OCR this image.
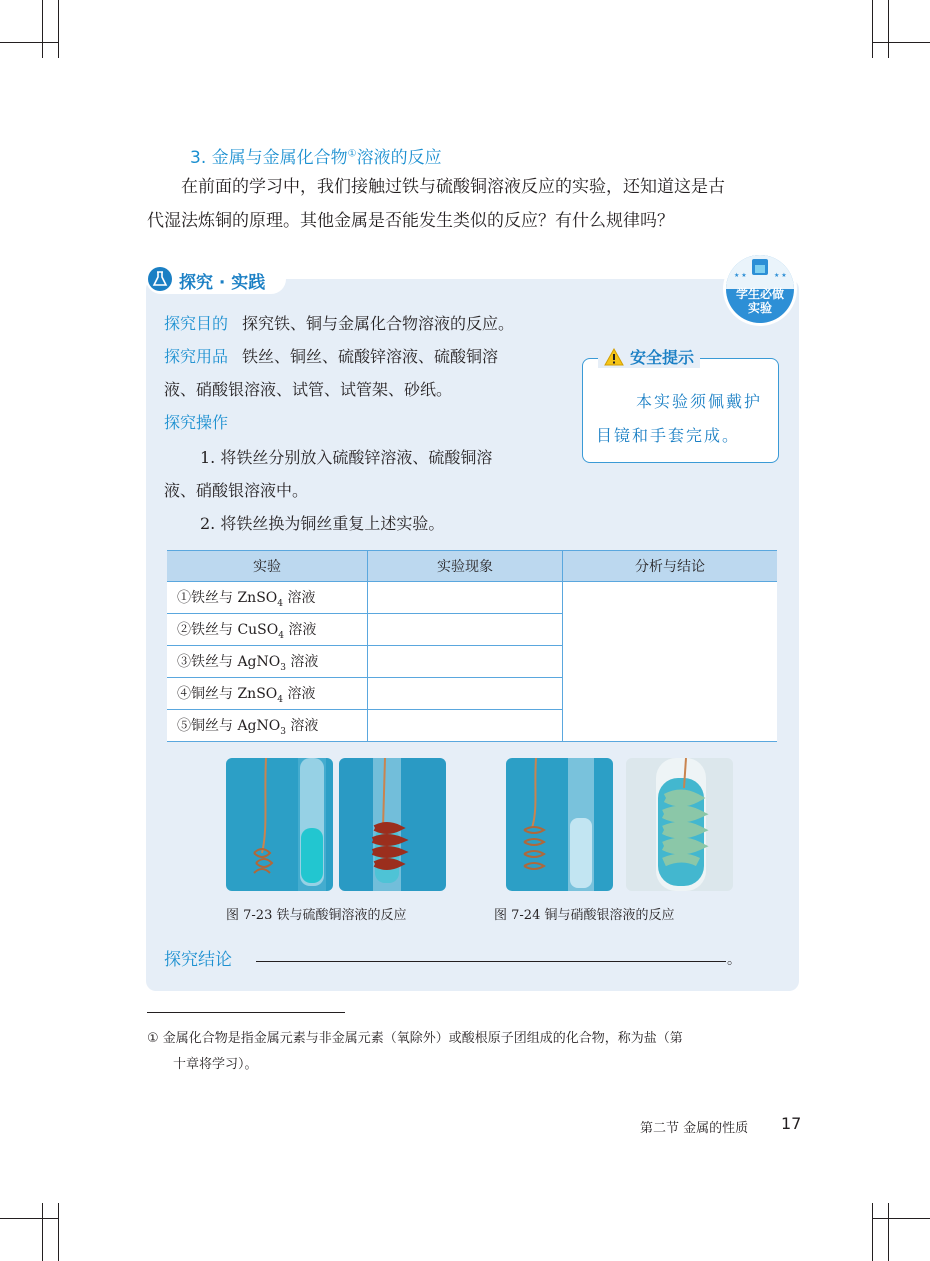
3. 金属与金属化合物①溶液的反应
在前面的学习中，我们接触过铁与硫酸铜溶液反应的实验，还知道这是古
代湿法炼铜的原理。其他金属是否能发生类似的反应？有什么规律吗？
探究 · 实践	★ ★	★ ★
学生必做
实验
探究目的 探究铁、铜与金属化合物溶液的反应。
探究用品 铁丝、铜丝、硫酸锌溶液、硫酸铜溶
液、硝酸银溶液、试管、试管架、砂纸。
探究操作
1. 将铁丝分别放入硫酸锌溶液、硫酸铜溶
液、硝酸银溶液中。
2. 将铁丝换为铜丝重复上述实验。
安全提示
本实验须佩戴护目镜和手套完成。
实验	实验现象	分析与结论
①铁丝与 ZnSO$_4$ 溶液		
②铁丝与 CuSO$_4$ 溶液		
③铁丝与 AgNO$_3$ 溶液		
④铜丝与 ZnSO$_4$ 溶液		
⑤铜丝与 AgNO$_3$ 溶液		
图 7-23 铁与硫酸铜溶液的反应	图 7-24 铜与硝酸银溶液的反应
探究结论	。
① 金属化合物是指金属元素与非金属元素（氧除外）或酸根原子团组成的化合物，称为盐（第
十章将学习）。
第二节 金属的性质 17
